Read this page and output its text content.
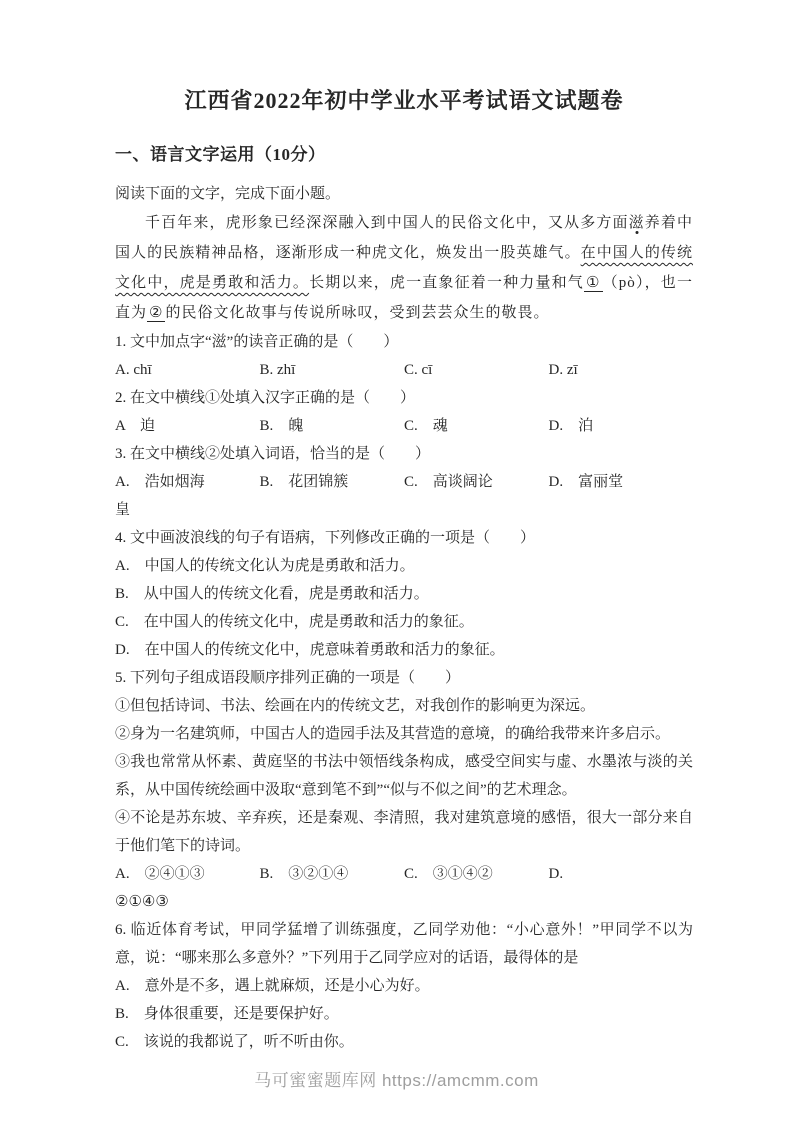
江西省2022年初中学业水平考试语文试题卷
一、语言文字运用（10分）

阅读下面的文字，完成下面小题。

千百年来，虎形象已经深深融入到中国人的民俗文化中，又从多方面滋养着中国人的民族精神品格，逐渐形成一种虎文化，焕发出一股英雄气。在中国人的传统文化中，虎是勇敢和活力。长期以来，虎一直象征着一种力量和气 ① （pò），也一直为 ② 的民俗文化故事与传说所咏叹，受到芸芸众生的敬畏。

1. 文中加点字“滋”的读音正确的是（　　）

A. chī	B. zhī	C. cī	D. zī

2. 在文中横线①处填入汉字正确的是（　　）

A　迫	B.　魄	C.　魂	D.　泊

3. 在文中横线②处填入词语，恰当的是（　　）

A.　浩如烟海	B.　花团锦簇	C.　高谈阔论	D.　富丽堂

皇

4. 文中画波浪线的句子有语病，下列修改正确的一项是（　　）

A.　中国人的传统文化认为虎是勇敢和活力。

B.　从中国人的传统文化看，虎是勇敢和活力。

C.　在中国人的传统文化中，虎是勇敢和活力的象征。

D.　在中国人的传统文化中，虎意味着勇敢和活力的象征。

5. 下列句子组成语段顺序排列正确的一项是（　　）

①但包括诗词、书法、绘画在内的传统文艺，对我创作的影响更为深远。

②身为一名建筑师，中国古人的造园手法及其营造的意境，的确给我带来许多启示。

③我也常常从怀素、黄庭坚的书法中领悟线条构成，感受空间实与虚、水墨浓与淡的关系，从中国传统绘画中汲取“意到笔不到”“似与不似之间”的艺术理念。

④不论是苏东坡、辛弃疾，还是秦观、李清照，我对建筑意境的感悟，很大一部分来自于他们笔下的诗词。

A.　②④①③	B.　③②①④	C.　③①④②	D.

②①④③

6. 临近体育考试，甲同学猛增了训练强度，乙同学劝他：“小心意外！”甲同学不以为意，说：“哪来那么多意外？”下列用于乙同学应对的话语，最得体的是

A.　意外是不多，遇上就麻烦，还是小心为好。

B.　身体很重要，还是要保护好。

C.　该说的我都说了，听不听由你。

马可蜜蜜题库网 https://amcmm.com
